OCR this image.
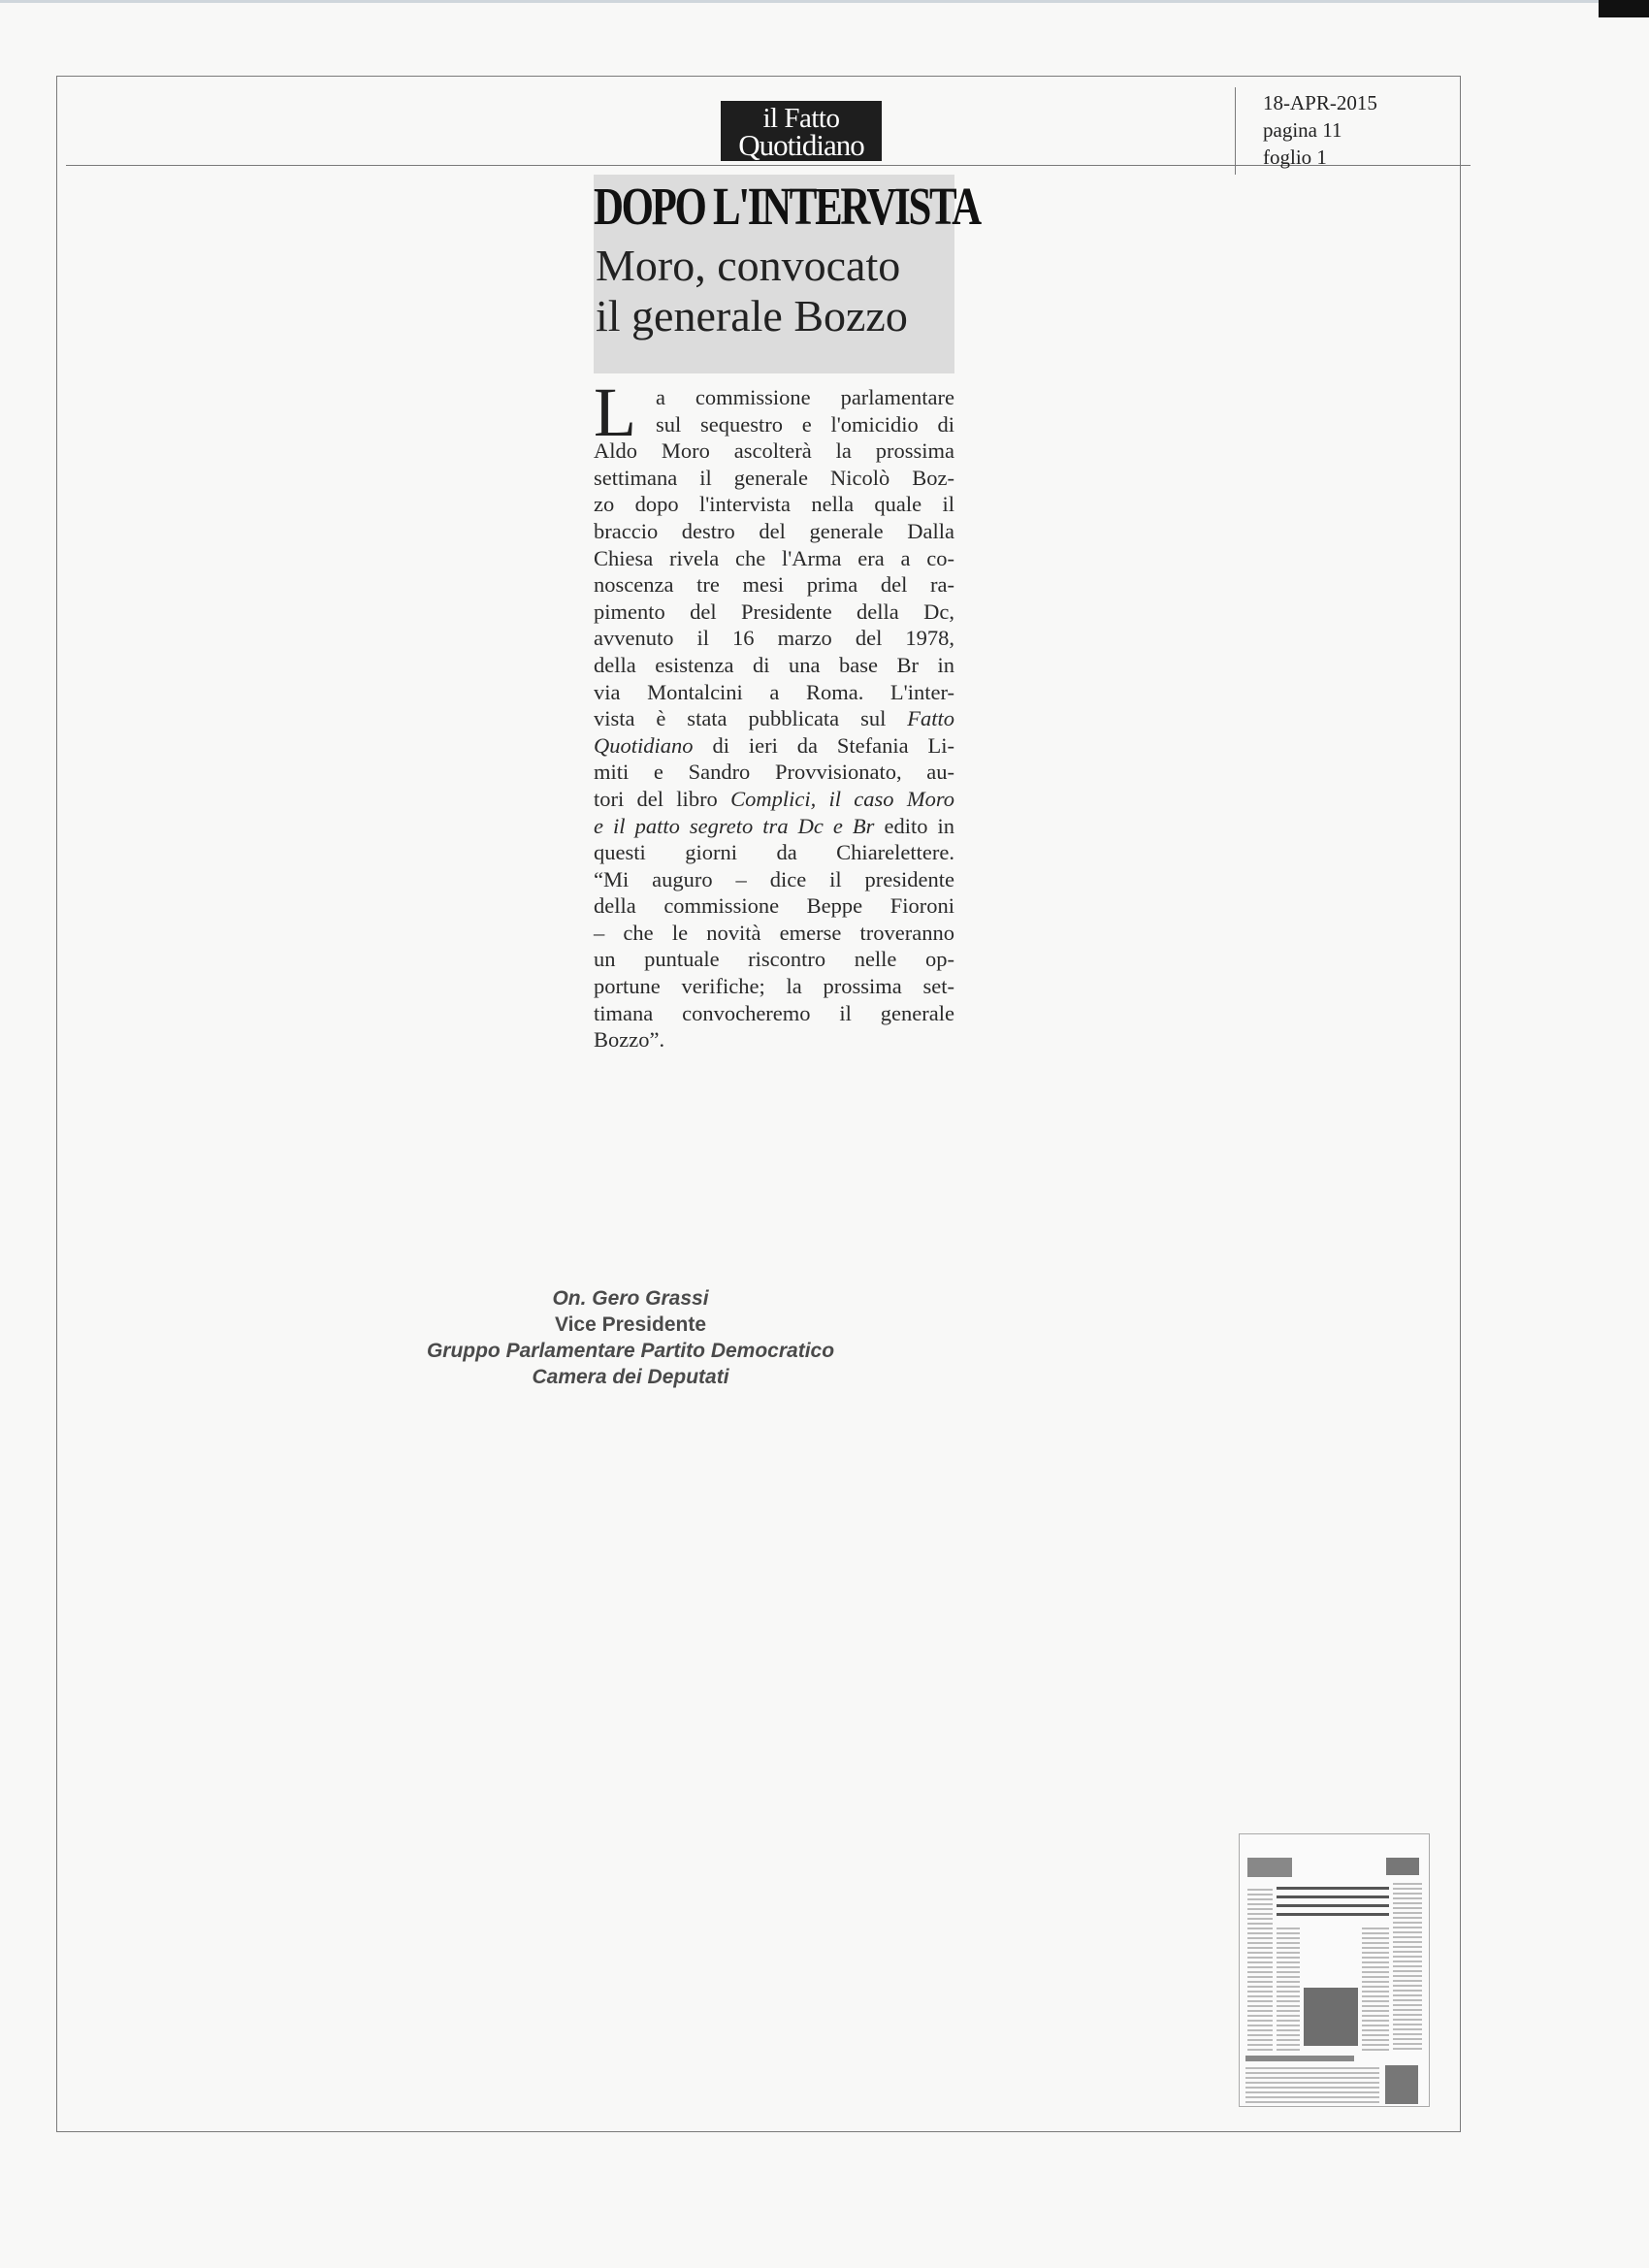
il Fatto
Quotidiano
18-APR-2015
pagina 11
foglio 1
DOPO L'INTERVISTA
Moro, convocato
il generale Bozzo
L a commissione parlamentare
sul sequestro e l'omicidio di
Aldo Moro ascolterà la prossima
settimana il generale Nicolò Boz-
zo dopo l'intervista nella quale il
braccio destro del generale Dalla
Chiesa rivela che l'Arma era a co-
noscenza tre mesi prima del ra-
pimento del Presidente della Dc,
avvenuto il 16 marzo del 1978,
della esistenza di una base Br in
via Montalcini a Roma. L'inter-
vista è stata pubblicata sul Fatto
Quotidiano di ieri da Stefania Li-
miti e Sandro Provvisionato, au-
tori del libro Complici, il caso Moro
e il patto segreto tra Dc e Br edito in
questi giorni da Chiarelettere.
“Mi auguro – dice il presidente
della commissione Beppe Fioroni
– che le novità emerse troveranno
un puntuale riscontro nelle op-
portune verifiche; la prossima set-
timana convocheremo il generale
Bozzo”.
On. Gero Grassi
Vice Presidente
Gruppo Parlamentare Partito Democratico
Camera dei Deputati
